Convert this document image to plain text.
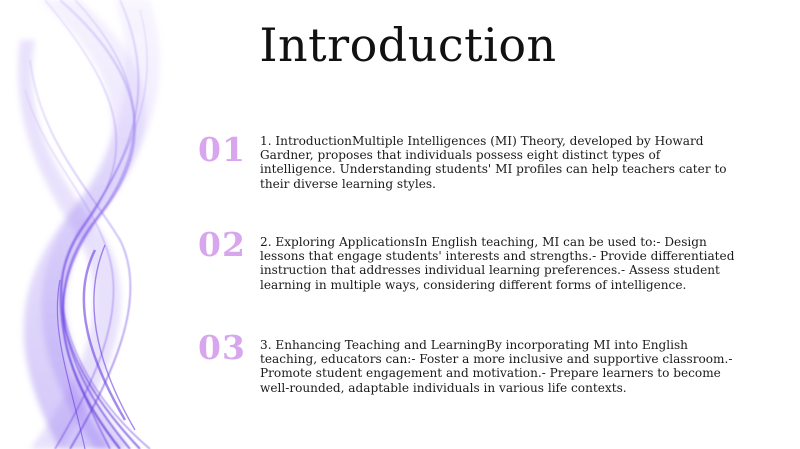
Introduction
01 1. IntroductionMultiple Intelligences (MI) Theory, developed by Howard Gardner, proposes that individuals possess eight distinct types of intelligence. Understanding students' MI profiles can help teachers cater to their diverse learning styles.
02 2. Exploring ApplicationsIn English teaching, MI can be used to:- Design lessons that engage students' interests and strengths.- Provide differentiated instruction that addresses individual learning preferences.- Assess student learning in multiple ways, considering different forms of intelligence.
03 3. Enhancing Teaching and LearningBy incorporating MI into English teaching, educators can:- Foster a more inclusive and supportive classroom.- Promote student engagement and motivation.- Prepare learners to become well-rounded, adaptable individuals in various life contexts.
